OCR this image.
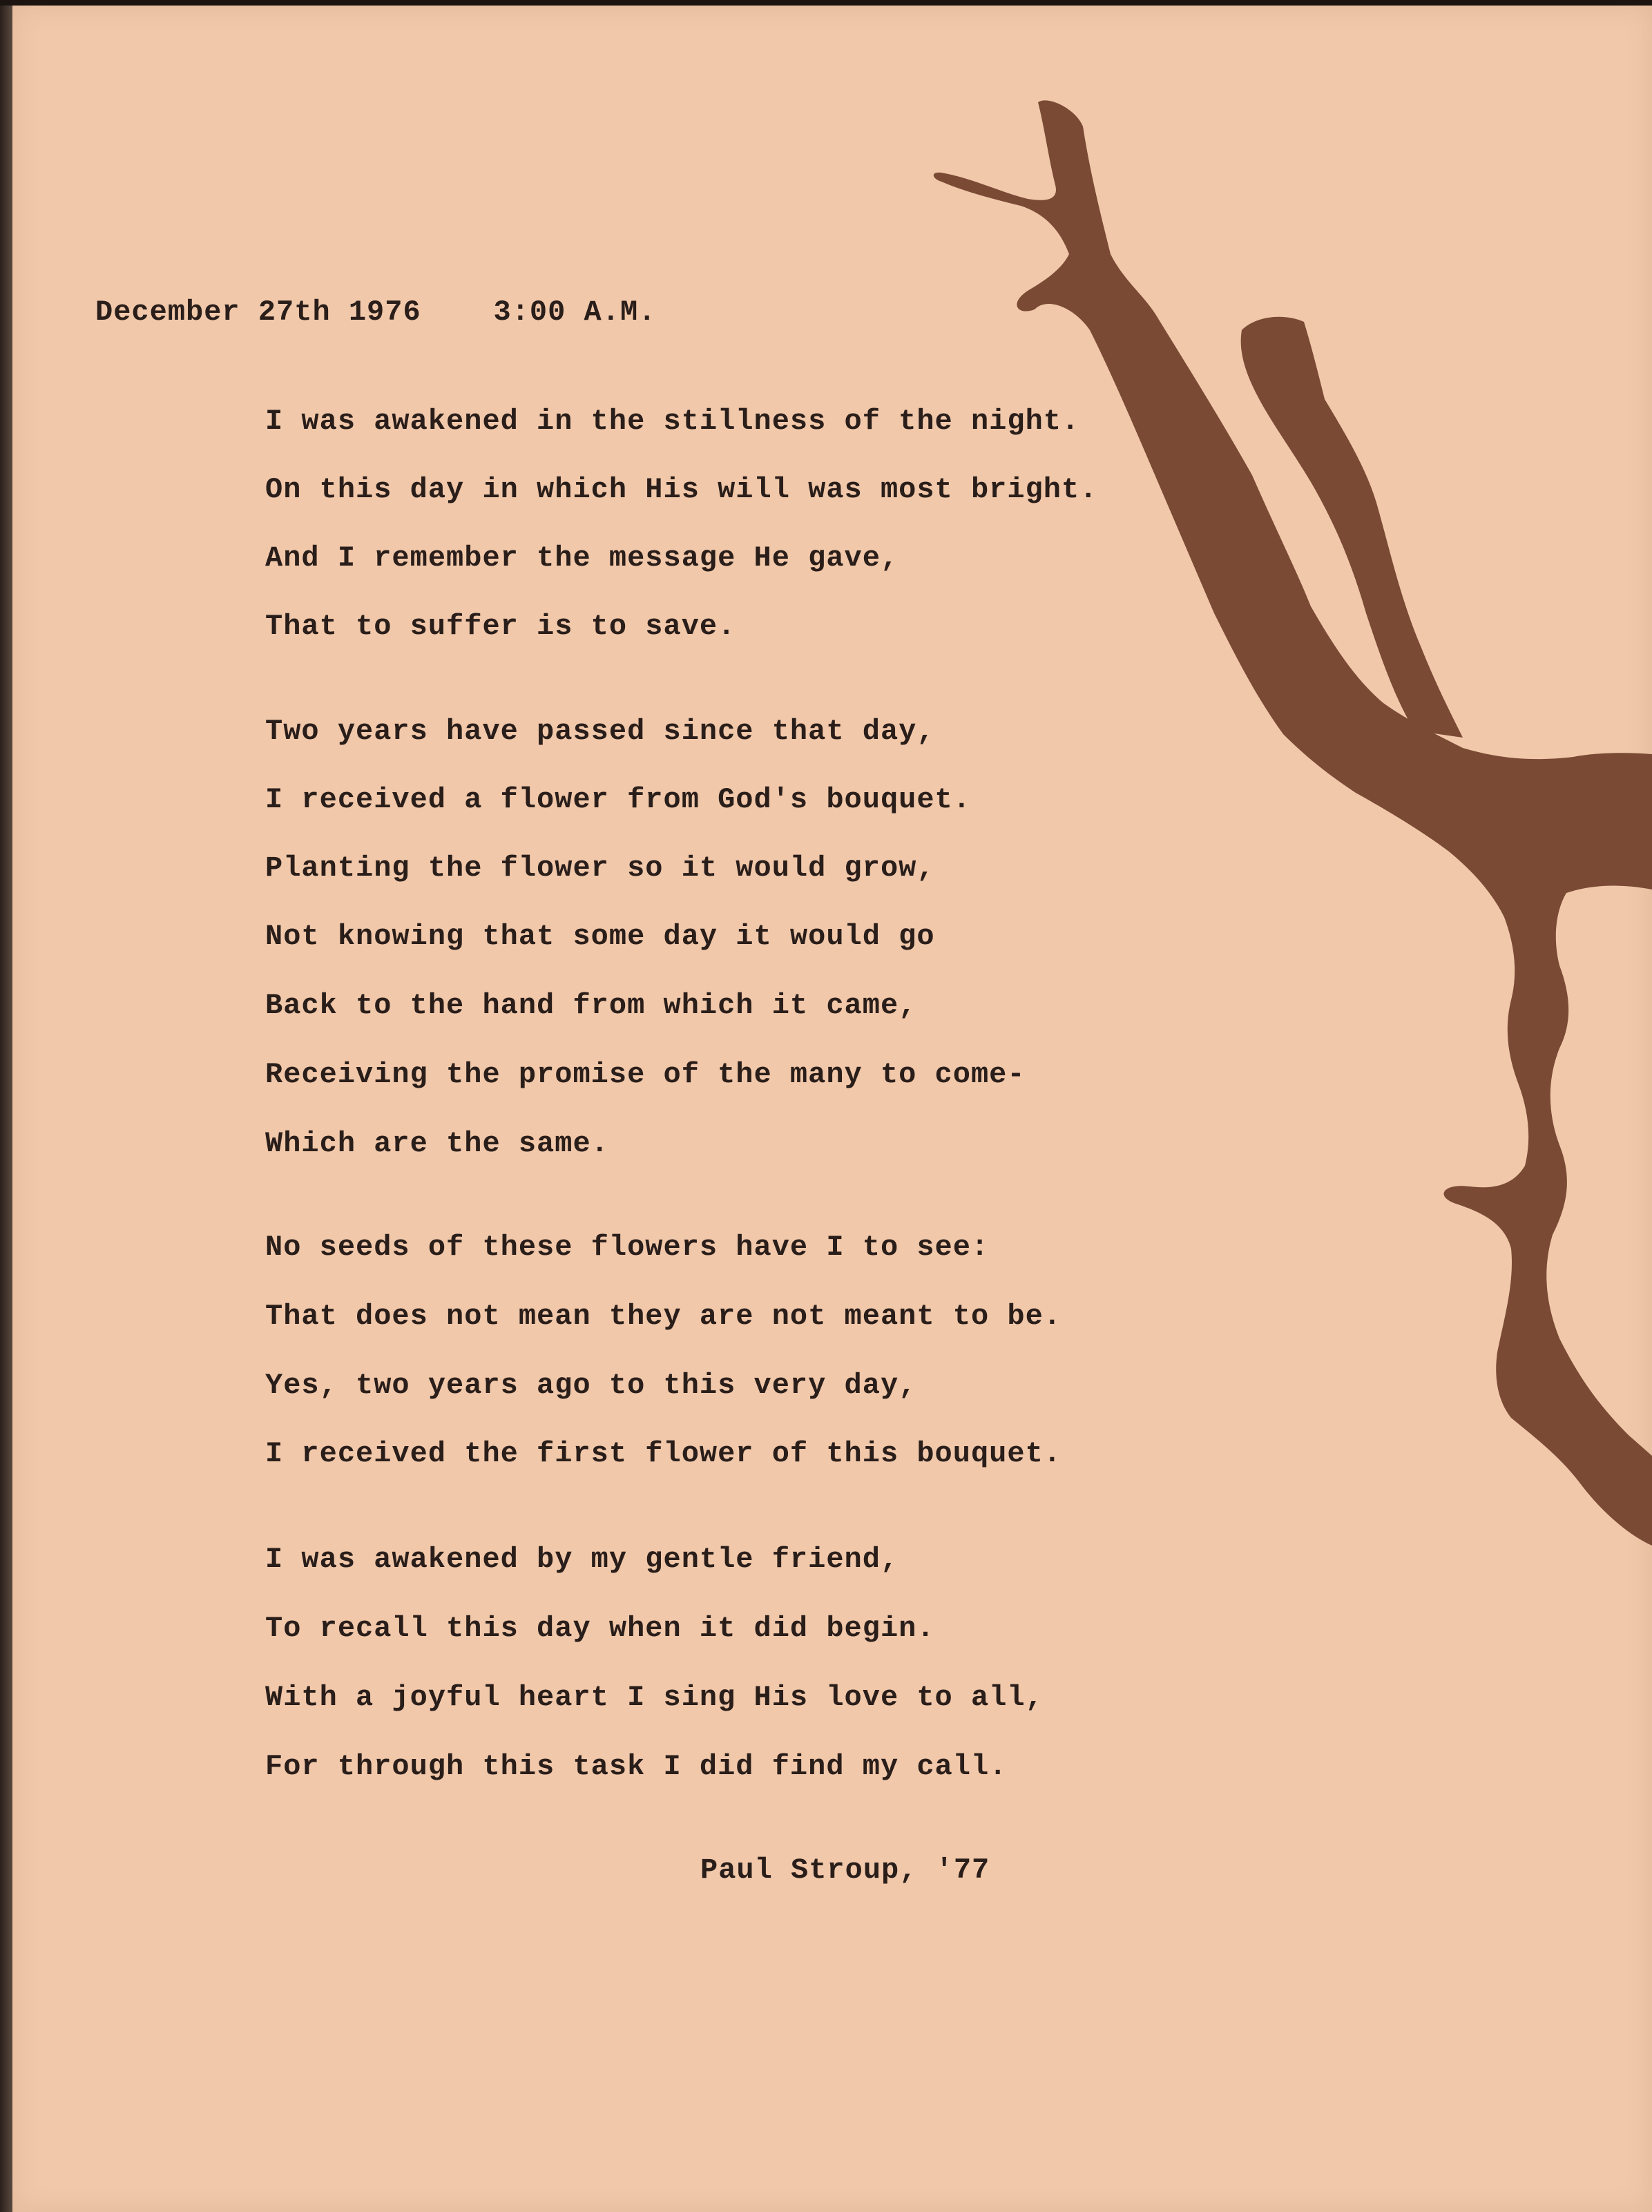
December 27th 1976 3:00 A.M.
I was awakened in the stillness of the night.
On this day in which His will was most bright.
And I remember the message He gave,
That to suffer is to save.
Two years have passed since that day,
I received a flower from God's bouquet.
Planting the flower so it would grow,
Not knowing that some day it would go
Back to the hand from which it came,
Receiving the promise of the many to come-
Which are the same.
No seeds of these flowers have I to see:
That does not mean they are not meant to be.
Yes, two years ago to this very day,
I received the first flower of this bouquet.
I was awakened by my gentle friend,
To recall this day when it did begin.
With a joyful heart I sing His love to all,
For through this task I did find my call.
Paul Stroup, '77
